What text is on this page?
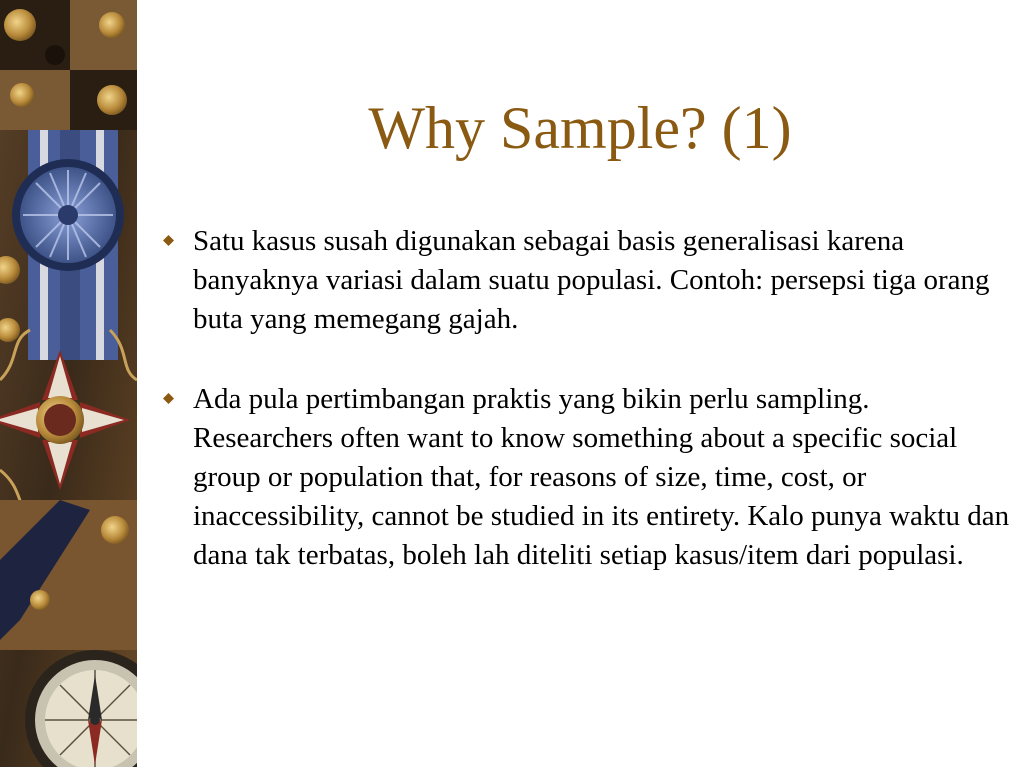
Why Sample? (1)
Satu kasus susah digunakan sebagai basis generalisasi karena banyaknya variasi dalam suatu populasi. Contoh: persepsi tiga orang buta yang memegang gajah.
Ada pula pertimbangan praktis yang bikin perlu sampling. Researchers often want to know something about a specific social group or population that, for reasons of size, time, cost, or inaccessibility, cannot be studied in its entirety. Kalo punya waktu dan dana tak terbatas, boleh lah diteliti setiap kasus/item dari populasi.
